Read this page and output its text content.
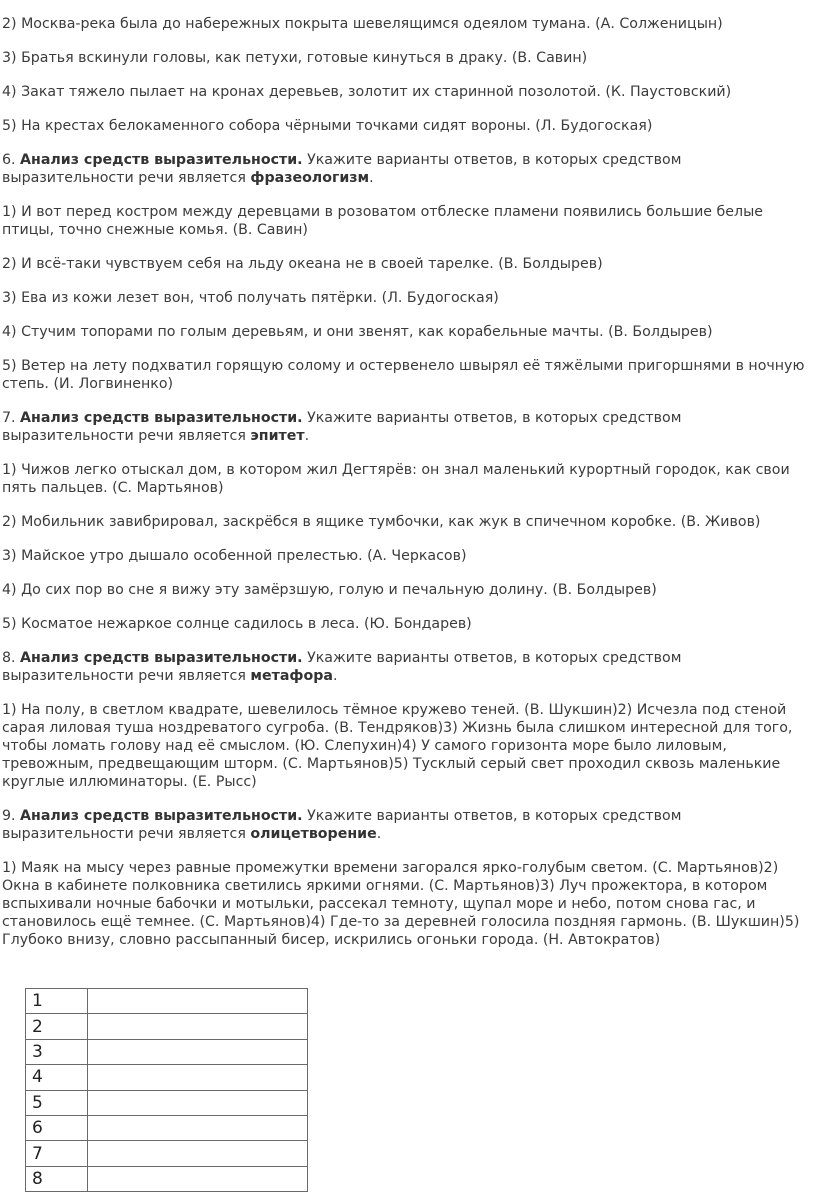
2) Москва-река была до набережных покрыта шевелящимся одеялом тумана. (А. Солженицын)

3) Братья вскинули головы, как петухи, готовые кинуться в драку. (В. Савин)

4) Закат тяжело пылает на кронах деревьев, золотит их старинной позолотой. (К. Паустовский)

5) На крестах белокаменного собора чёрными точками сидят вороны. (Л. Будогоская)

6. Анализ средств выразительности. Укажите варианты ответов, в которых средством выразительности речи является фразеологизм.

1) И вот перед костром между деревцами в розоватом отблеске пламени появились большие белые птицы, точно снежные комья. (В. Савин)

2) И всё-таки чувствуем себя на льду океана не в своей тарелке. (В. Болдырев)

3) Ева из кожи лезет вон, чтоб получать пятёрки. (Л. Будогоская)

4) Стучим топорами по голым деревьям, и они звенят, как корабельные мачты. (В. Болдырев)

5) Ветер на лету подхватил горящую солому и остервенело швырял её тяжёлыми пригоршнями в ночную степь. (И. Логвиненко)

7. Анализ средств выразительности. Укажите варианты ответов, в которых средством выразительности речи является эпитет.

1) Чижов легко отыскал дом, в котором жил Дегтярёв: он знал маленький курортный городок, как свои пять пальцев. (С. Мартьянов)

2) Мобильник завибрировал, заскрёбся в ящике тумбочки, как жук в спичечном коробке. (В. Живов)

3) Майское утро дышало особенной прелестью. (А. Черкасов)

4) До сих пор во сне я вижу эту замёрзшую, голую и печальную долину. (В. Болдырев)

5) Косматое нежаркое солнце садилось в леса. (Ю. Бондарев)

8. Анализ средств выразительности. Укажите варианты ответов, в которых средством выразительности речи является метафора.

1) На полу, в светлом квадрате, шевелилось тёмное кружево теней. (В. Шукшин)2) Исчезла под стеной сарая лиловая туша ноздреватого сугроба. (В. Тендряков)3) Жизнь была слишком интересной для того, чтобы ломать голову над её смыслом. (Ю. Слепухин)4) У самого горизонта море было лиловым, тревожным, предвещающим шторм. (С. Мартьянов)5) Тусклый серый свет проходил сквозь маленькие круглые иллюминаторы. (Е. Рысс)

9. Анализ средств выразительности. Укажите варианты ответов, в которых средством выразительности речи является олицетворение.

1) Маяк на мысу через равные промежутки времени загорался ярко-голубым светом. (С. Мартьянов)2) Окна в кабинете полковника светились яркими огнями. (С. Мартьянов)3) Луч прожектора, в котором вспыхивали ночные бабочки и мотыльки, рассекал темноту, щупал море и небо, потом снова гас, и становилось ещё темнее. (С. Мартьянов)4) Где-то за деревней голосила поздняя гармонь. (В. Шукшин)5) Глубоко внизу, словно рассыпанный бисер, искрились огоньки города. (Н. Автократов)

1	
2	
3	
4	
5	
6	
7	
8	
